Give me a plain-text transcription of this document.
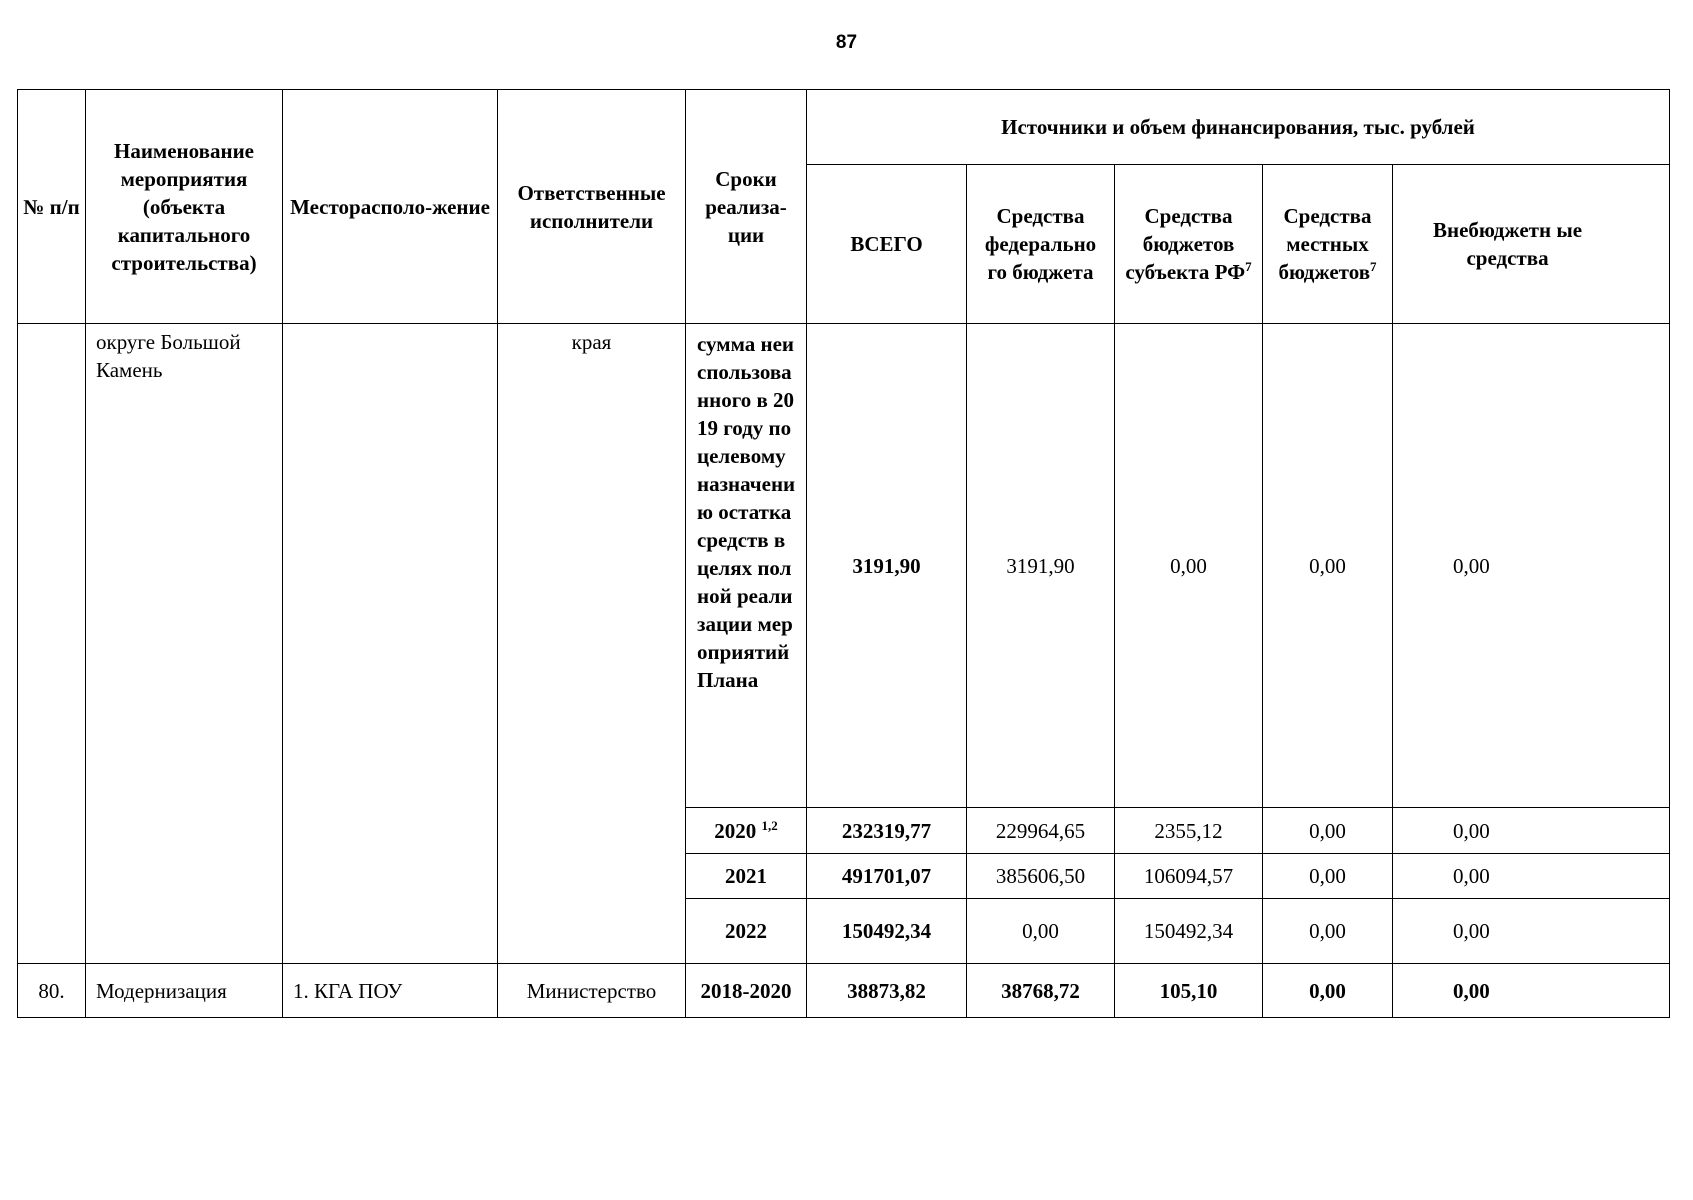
87
№ п/п	Наименование мероприятия (объекта капитального строительства)	Месторасполо-жение	Ответственные исполнители	Сроки реализа-ции	Источники и объем финансирования, тыс. рублей				
					ВСЕГО	Средства федерально го бюджета	Средства бюджетов субъекта $РФ^7$	Средства местных бюджетов$^7$	Внебюджетн ые средства

	округе Большой Камень		края	сумма неиспользованного в 2019 году по целевому назначению остатка средств в целях полной реализации мероприятий Плана	3191,90	3191,90	0,00	0,00	0,00
				2020 $^{1,2}$	232319,77	229964,65	2355,12	0,00	0,00
				2021	491701,07	385606,50	106094,57	0,00	0,00
				2022	150492,34	0,00	150492,34	0,00	0,00
80.	Модернизация	1. КГА ПОУ	Министерство	2018-2020	38873,82	38768,72	105,10	0,00	0,00
